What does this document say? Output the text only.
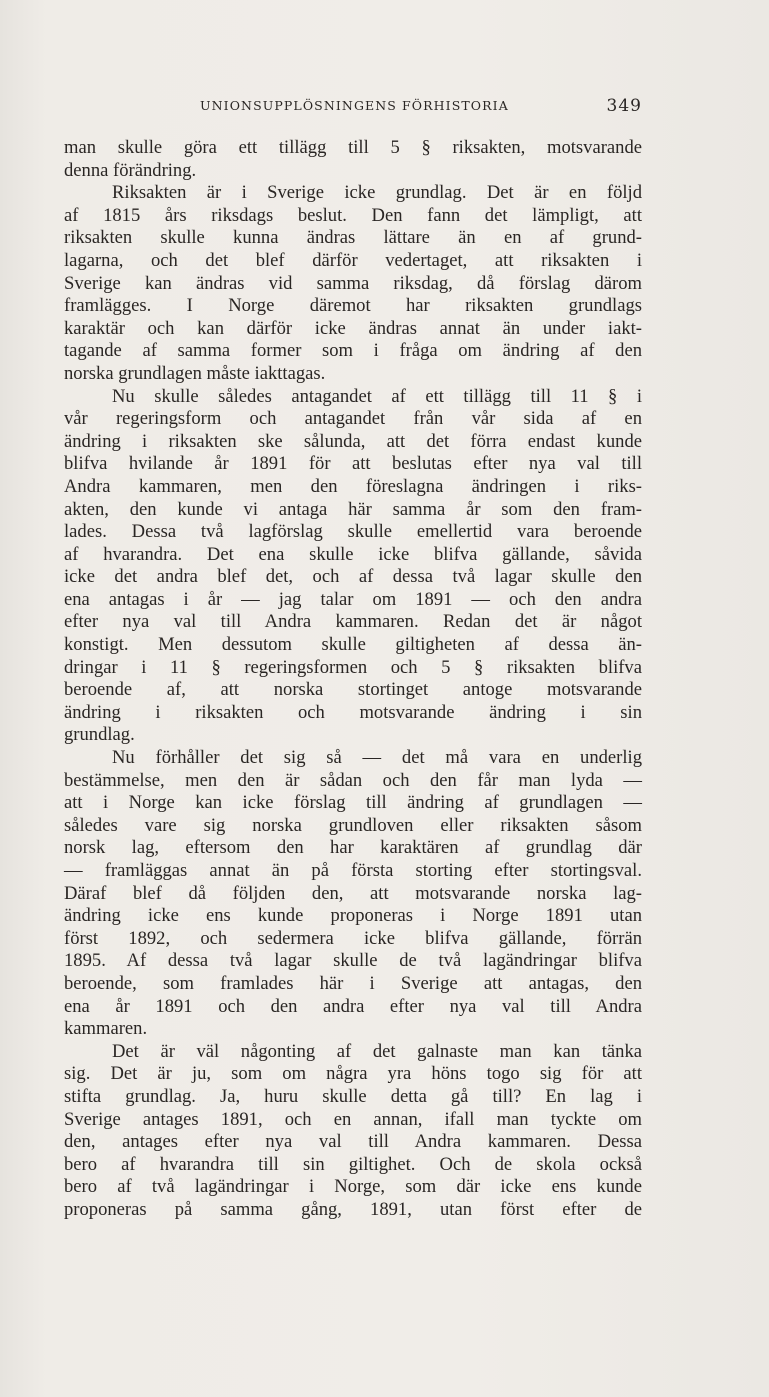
UNIONSUPPLÖSNINGENS FÖRHISTORIA	349
man skulle göra ett tillägg till 5 § riksakten, motsvarande
denna förändring.
Riksakten är i Sverige icke grundlag. Det är en följd
af 1815 års riksdags beslut. Den fann det lämpligt, att
riksakten skulle kunna ändras lättare än en af grund-
lagarna, och det blef därför vedertaget, att riksakten i
Sverige kan ändras vid samma riksdag, då förslag därom
framlägges. I Norge däremot har riksakten grundlags
karaktär och kan därför icke ändras annat än under iakt-
tagande af samma former som i fråga om ändring af den
norska grundlagen måste iakttagas.
Nu skulle således antagandet af ett tillägg till 11 § i
vår regeringsform och antagandet från vår sida af en
ändring i riksakten ske sålunda, att det förra endast kunde
blifva hvilande år 1891 för att beslutas efter nya val till
Andra kammaren, men den föreslagna ändringen i riks-
akten, den kunde vi antaga här samma år som den fram-
lades. Dessa två lagförslag skulle emellertid vara beroende
af hvarandra. Det ena skulle icke blifva gällande, såvida
icke det andra blef det, och af dessa två lagar skulle den
ena antagas i år — jag talar om 1891 — och den andra
efter nya val till Andra kammaren. Redan det är något
konstigt. Men dessutom skulle giltigheten af dessa än-
dringar i 11 § regeringsformen och 5 § riksakten blifva
beroende af, att norska stortinget antoge motsvarande
ändring i riksakten och motsvarande ändring i sin
grundlag.
Nu förhåller det sig så — det må vara en underlig
bestämmelse, men den är sådan och den får man lyda —
att i Norge kan icke förslag till ändring af grundlagen —
således vare sig norska grundloven eller riksakten såsom
norsk lag, eftersom den har karaktären af grundlag där
— framläggas annat än på första storting efter stortingsval.
Däraf blef då följden den, att motsvarande norska lag-
ändring icke ens kunde proponeras i Norge 1891 utan
först 1892, och sedermera icke blifva gällande, förrän
1895. Af dessa två lagar skulle de två lagändringar blifva
beroende, som framlades här i Sverige att antagas, den
ena år 1891 och den andra efter nya val till Andra
kammaren.
Det är väl någonting af det galnaste man kan tänka
sig. Det är ju, som om några yra höns togo sig för att
stifta grundlag. Ja, huru skulle detta gå till? En lag i
Sverige antages 1891, och en annan, ifall man tyckte om
den, antages efter nya val till Andra kammaren. Dessa
bero af hvarandra till sin giltighet. Och de skola också
bero af två lagändringar i Norge, som där icke ens kunde
proponeras på samma gång, 1891, utan först efter de
